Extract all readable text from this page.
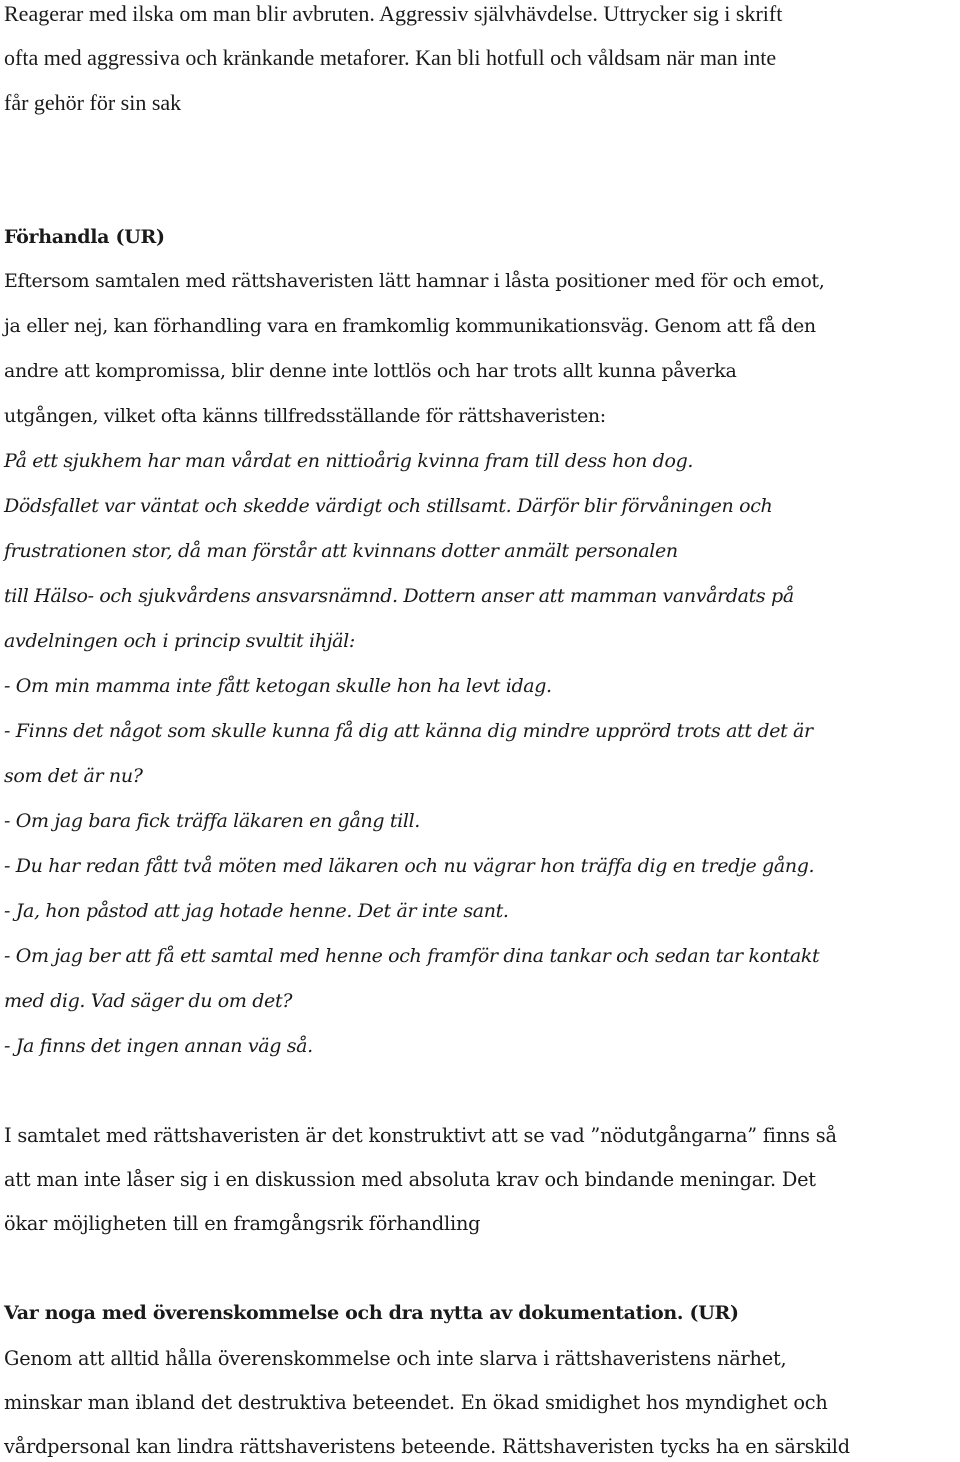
Reagerar med ilska om man blir avbruten. Aggressiv självhävdelse. Uttrycker sig i skrift
ofta med aggressiva och kränkande metaforer. Kan bli hotfull och våldsam när man inte
får gehör för sin sak
Förhandla (UR)
Eftersom samtalen med rättshaveristen lätt hamnar i låsta positioner med för och emot,
ja eller nej, kan förhandling vara en framkomlig kommunikationsväg. Genom att få den
andre att kompromissa, blir denne inte lottlös och har trots allt kunna påverka
utgången, vilket ofta känns tillfredsställande för rättshaveristen:
På ett sjukhem har man vårdat en nittioårig kvinna fram till dess hon dog.
Dödsfallet var väntat och skedde värdigt och stillsamt. Därför blir förvåningen och
frustrationen stor, då man förstår att kvinnans dotter anmält personalen
till Hälso- och sjukvårdens ansvarsnämnd. Dottern anser att mamman vanvårdats på
avdelningen och i princip svultit ihjäl:
- Om min mamma inte fått ketogan skulle hon ha levt idag.
- Finns det något som skulle kunna få dig att känna dig mindre upprörd trots att det är
som det är nu?
- Om jag bara fick träffa läkaren en gång till.
- Du har redan fått två möten med läkaren och nu vägrar hon träffa dig en tredje gång.
- Ja, hon påstod att jag hotade henne. Det är inte sant.
- Om jag ber att få ett samtal med henne och framför dina tankar och sedan tar kontakt
med dig. Vad säger du om det?
- Ja finns det ingen annan väg så.
I samtalet med rättshaveristen är det konstruktivt att se vad ”nödutgångarna” finns så
att man inte låser sig i en diskussion med absoluta krav och bindande meningar. Det
ökar möjligheten till en framgångsrik förhandling
Var noga med överenskommelse och dra nytta av dokumentation. (UR)
Genom att alltid hålla överenskommelse och inte slarva i rättshaveristens närhet,
minskar man ibland det destruktiva beteendet. En ökad smidighet hos myndighet och
vårdpersonal kan lindra rättshaveristens beteende. Rättshaveristen tycks ha en särskild
